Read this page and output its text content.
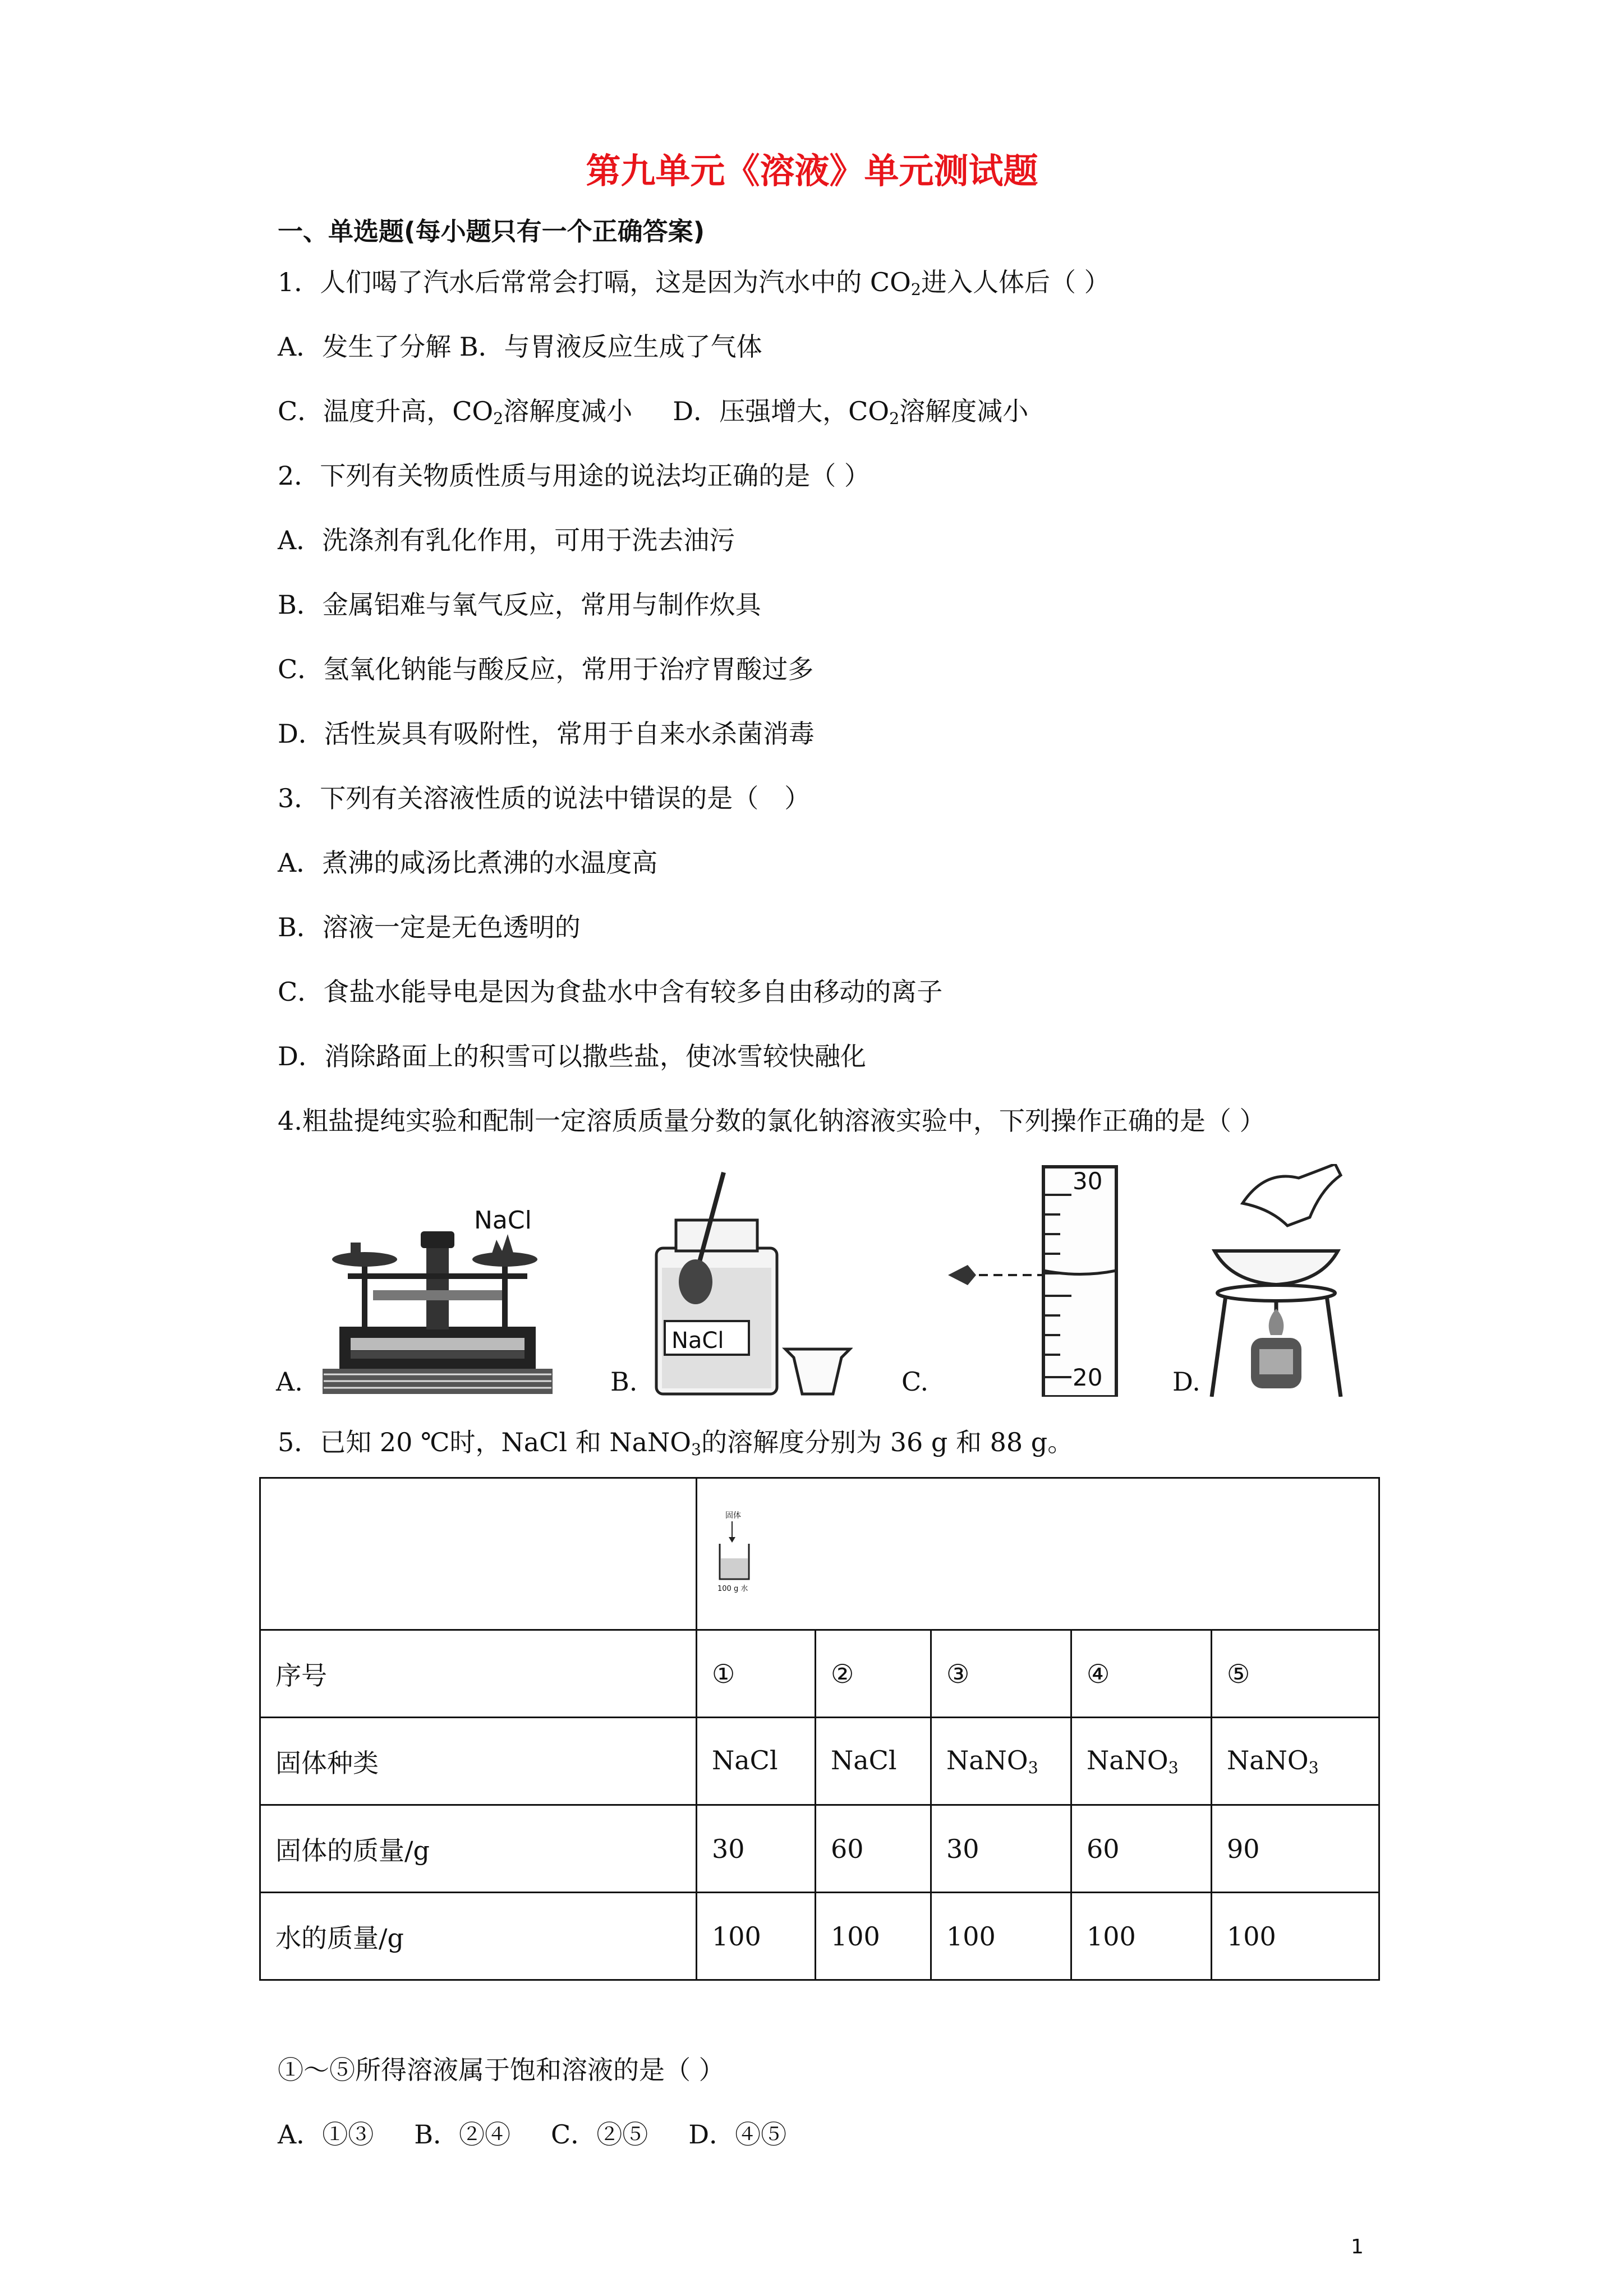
第九单元《溶液》单元测试题
一、单选题(每小题只有一个正确答案)
1．人们喝了汽水后常常会打嗝，这是因为汽水中的 $CO_2$进入人体后（ ）
A．发生了分解 B．与胃液反应生成了气体
C．温度升高，$CO_2$溶解度减小 D．压强增大，$CO_2$溶解度减小
2．下列有关物质性质与用途的说法均正确的是（ ）
A．洗涤剂有乳化作用，可用于洗去油污
B．金属铝难与氧气反应，常用与制作炊具
C．氢氧化钠能与酸反应，常用于治疗胃酸过多
D．活性炭具有吸附性，常用于自来水杀菌消毒
3．下列有关溶液性质的说法中错误的是（　）
A．煮沸的咸汤比煮沸的水温度高
B．溶液一定是无色透明的
C．食盐水能导电是因为食盐水中含有较多自由移动的离子
D．消除路面上的积雪可以撒些盐，使冰雪较快融化
4.粗盐提纯实验和配制一定溶质质量分数的氯化钠溶液实验中，下列操作正确的是（ ）
NaCl
A.
NaCl
B.
30
20
C.	D.
5．已知 20 ℃时，NaCl 和 NaNO$_3$的溶解度分别为 36 g 和 88 g。

固体
100 g 水				

序号	①	②	③	④	⑤
固体种类	NaCl	NaCl	NaNO$_3$	NaNO$_3$	NaNO$_3$
固体的质量/g	30	60	30	60	90
水的质量/g	100	100	100	100	100
①～⑤所得溶液属于饱和溶液的是（ ）
A．①③ B．②④ C．②⑤ D．④⑤
1
